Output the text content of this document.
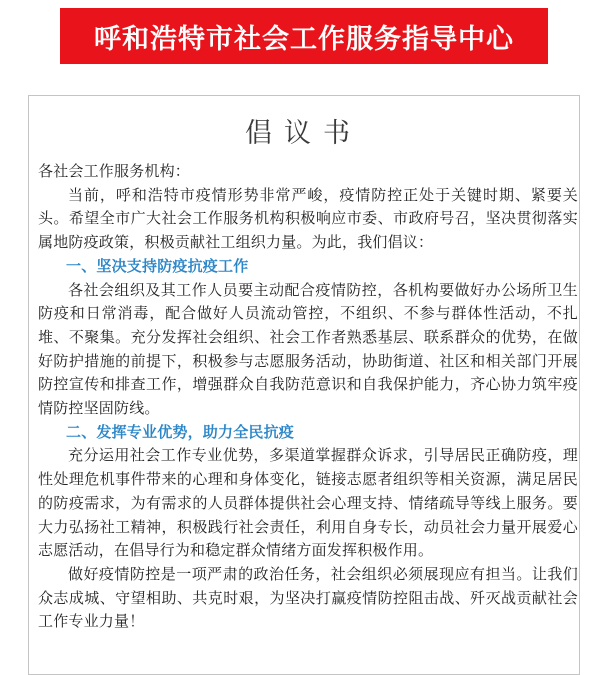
呼和浩特市社会工作服务指导中心
倡议书

各社会工作服务机构：

当前，呼和浩特市疫情形势非常严峻，疫情防控正处于关键时期、紧要关头。希望全市广大社会工作服务机构积极响应市委、市政府号召，坚决贯彻落实属地防疫政策，积极贡献社工组织力量。为此，我们倡议：

一、坚决支持防疫抗疫工作

各社会组织及其工作人员要主动配合疫情防控，各机构要做好办公场所卫生防疫和日常消毒，配合做好人员流动管控，不组织、不参与群体性活动，不扎堆、不聚集。充分发挥社会组织、社会工作者熟悉基层、联系群众的优势，在做好防护措施的前提下，积极参与志愿服务活动，协助街道、社区和相关部门开展防控宣传和排查工作，增强群众自我防范意识和自我保护能力，齐心协力筑牢疫情防控坚固防线。

二、发挥专业优势，助力全民抗疫

充分运用社会工作专业优势，多渠道掌握群众诉求，引导居民正确防疫，理性处理危机事件带来的心理和身体变化，链接志愿者组织等相关资源，满足居民的防疫需求，为有需求的人员群体提供社会心理支持、情绪疏导等线上服务。要大力弘扬社工精神，积极践行社会责任，利用自身专长，动员社会力量开展爱心志愿活动，在倡导行为和稳定群众情绪方面发挥积极作用。

做好疫情防控是一项严肃的政治任务，社会组织必须展现应有担当。让我们众志成城、守望相助、共克时艰，为坚决打赢疫情防控阻击战、歼灭战贡献社会工作专业力量！
